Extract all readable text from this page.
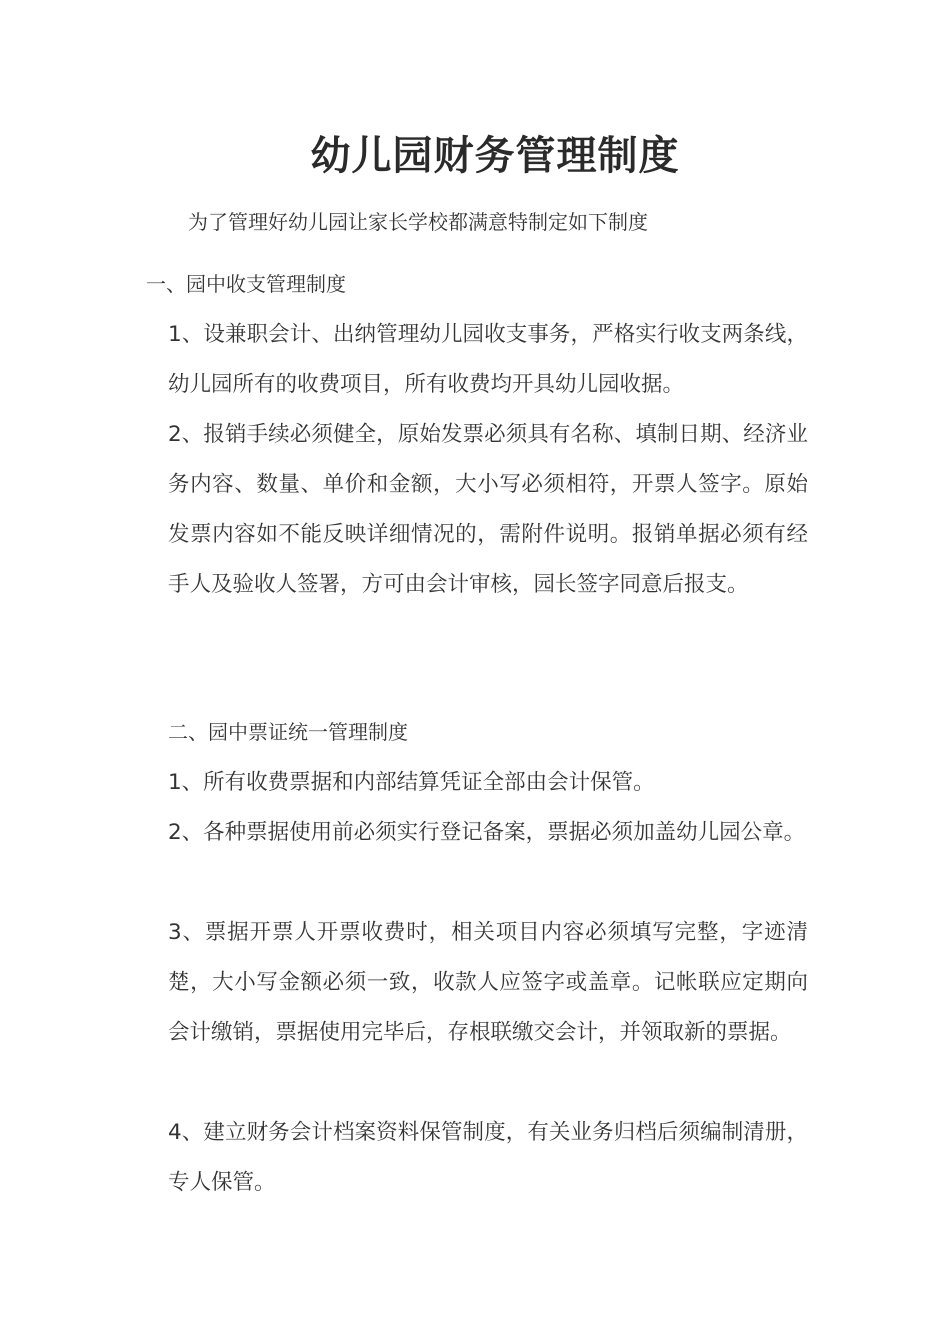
幼儿园财务管理制度

为了管理好幼儿园让家长学校都满意特制定如下制度

一、园中收支管理制度

1、设兼职会计、出纳管理幼儿园收支事务，严格实行收支两条线，幼儿园所有的收费项目，所有收费均开具幼儿园收据。

2、报销手续必须健全，原始发票必须具有名称、填制日期、经济业务内容、数量、单价和金额，大小写必须相符，开票人签字。原始发票内容如不能反映详细情况的，需附件说明。报销单据必须有经手人及验收人签署，方可由会计审核，园长签字同意后报支。

二、园中票证统一管理制度

1、所有收费票据和内部结算凭证全部由会计保管。

2、各种票据使用前必须实行登记备案，票据必须加盖幼儿园公章。

3、票据开票人开票收费时，相关项目内容必须填写完整，字迹清楚，大小写金额必须一致，收款人应签字或盖章。记帐联应定期向会计缴销，票据使用完毕后，存根联缴交会计，并领取新的票据。

4、建立财务会计档案资料保管制度，有关业务归档后须编制清册，专人保管。
